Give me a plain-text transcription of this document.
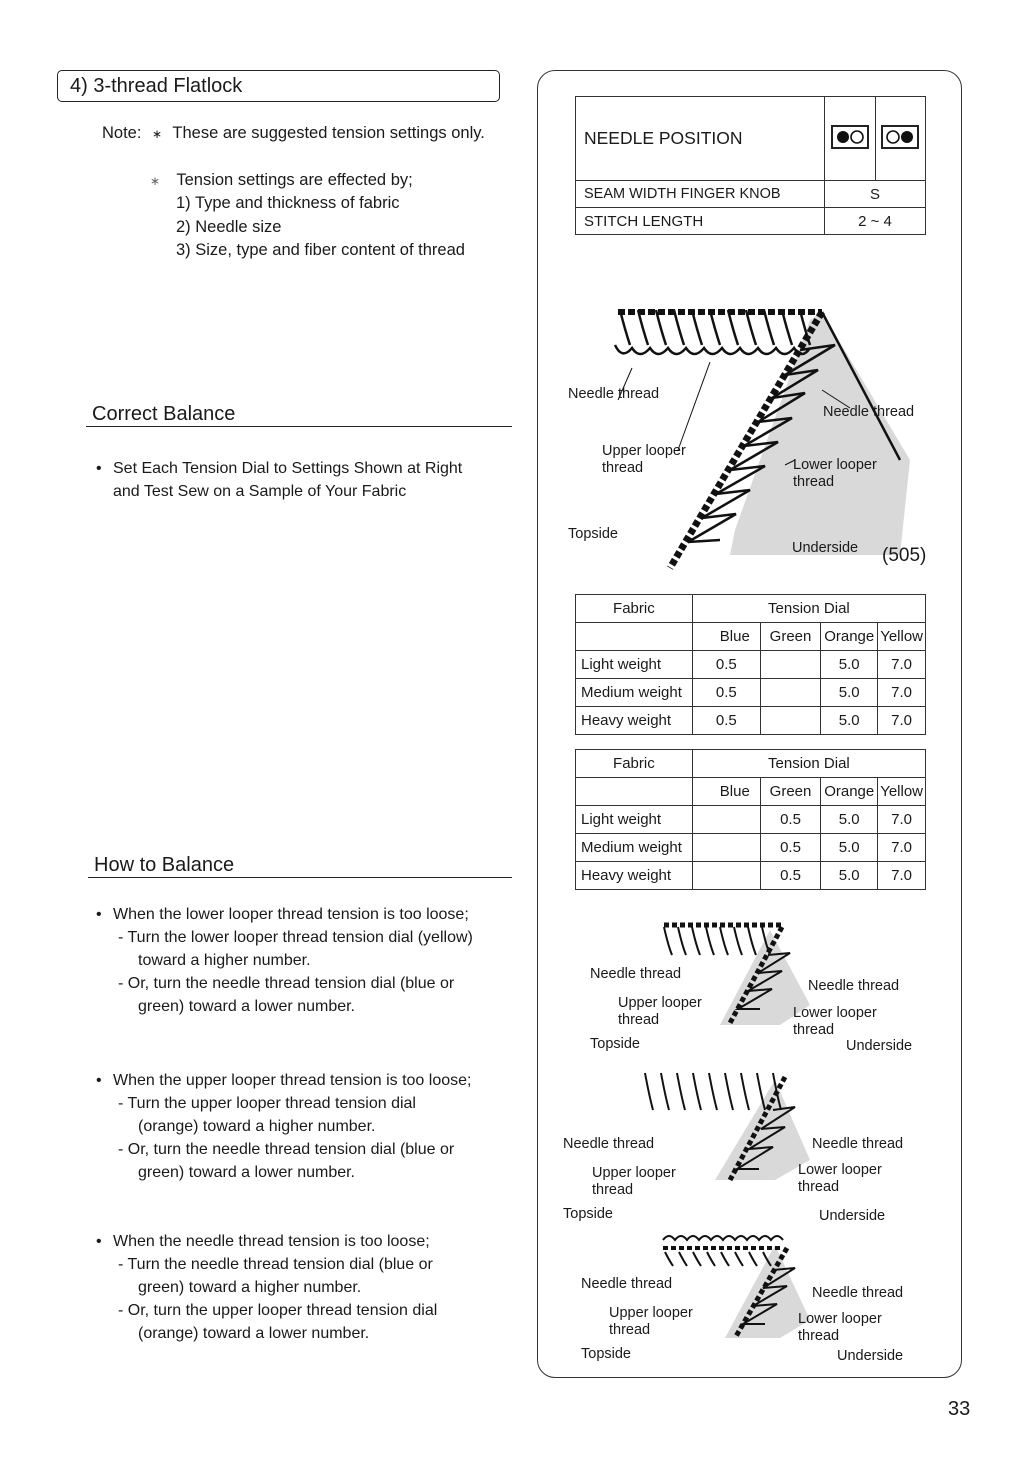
4) 3-thread Flatlock
Note: ∗ These are suggested tension settings only.
∗ Tension settings are effected by;
1) Type and thickness of fabric
2) Needle size
3) Size, type and fiber content of thread
Correct Balance
• Set Each Tension Dial to Settings Shown at Right
and Test Sew on a Sample of Your Fabric
How to Balance
• When the lower looper thread tension is too loose;
- Turn the lower looper thread tension dial (yellow)
toward a higher number.
- Or, turn the needle thread tension dial (blue or
green) toward a lower number.
• When the upper looper thread tension is too loose;
- Turn the upper looper thread tension dial
(orange) toward a higher number.
- Or, turn the needle thread tension dial (blue or
green) toward a lower number.
• When the needle thread tension is too loose;
- Turn the needle thread tension dial (blue or
green) toward a higher number.
- Or, turn the upper looper thread tension dial
(orange) toward a lower number.
NEEDLE POSITION		
SEAM WIDTH FINGER KNOB	S	
STITCH LENGTH	2 ~ 4	
Needle thread
Upper looper
thread
Topside
Needle thread
Lower looper
thread
Underside (505)
Fabric	Tension Dial			
	Blue	Green	Orange	Yellow
Light weight	0.5		5.0	7.0
Medium weight	0.5		5.0	7.0
Heavy weight	0.5		5.0	7.0
Fabric	Tension Dial			
	Blue	Green	Orange	Yellow
Light weight		0.5	5.0	7.0
Medium weight		0.5	5.0	7.0
Heavy weight		0.5	5.0	7.0
Needle thread
Upper looper
thread
Topside
Needle thread
Lower looper
thread
Underside
Needle thread
Upper looper
thread
Topside
Needle thread
Lower looper
thread
Underside
Needle thread
Upper looper
thread
Topside
Needle thread
Lower looper
thread
Underside
33
